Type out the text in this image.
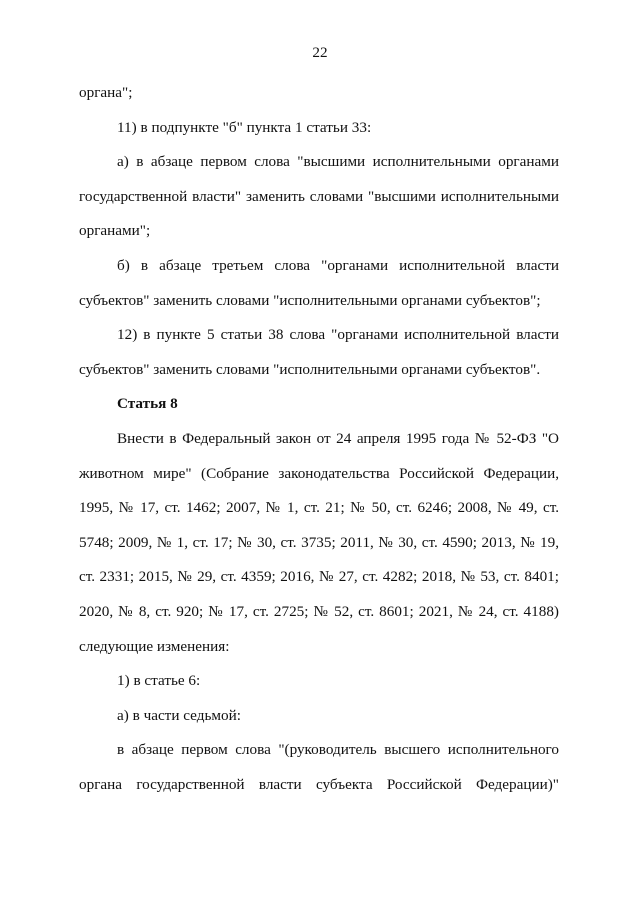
22

органа";

11) в подпункте "б" пункта 1 статьи 33:

а) в абзаце первом слова "высшими исполнительными органами государственной власти" заменить словами "высшими исполнительными органами";

б) в абзаце третьем слова "органами исполнительной власти субъектов" заменить словами "исполнительными органами субъектов";

12) в пункте 5 статьи 38 слова "органами исполнительной власти субъектов" заменить словами "исполнительными органами субъектов".

Статья 8

Внести в Федеральный закон от 24 апреля 1995 года № 52-ФЗ "О животном мире" (Собрание законодательства Российской Федерации, 1995, № 17, ст. 1462; 2007, № 1, ст. 21; № 50, ст. 6246; 2008, № 49, ст. 5748; 2009, № 1, ст. 17; № 30, ст. 3735; 2011, № 30, ст. 4590; 2013, № 19, ст. 2331; 2015, № 29, ст. 4359; 2016, № 27, ст. 4282; 2018, № 53, ст. 8401; 2020, № 8, ст. 920; № 17, ст. 2725; № 52, ст. 8601; 2021, № 24, ст. 4188) следующие изменения:

1) в статье 6:

а) в части седьмой:

в абзаце первом слова "(руководитель высшего исполнительного органа государственной власти субъекта Российской Федерации)"
